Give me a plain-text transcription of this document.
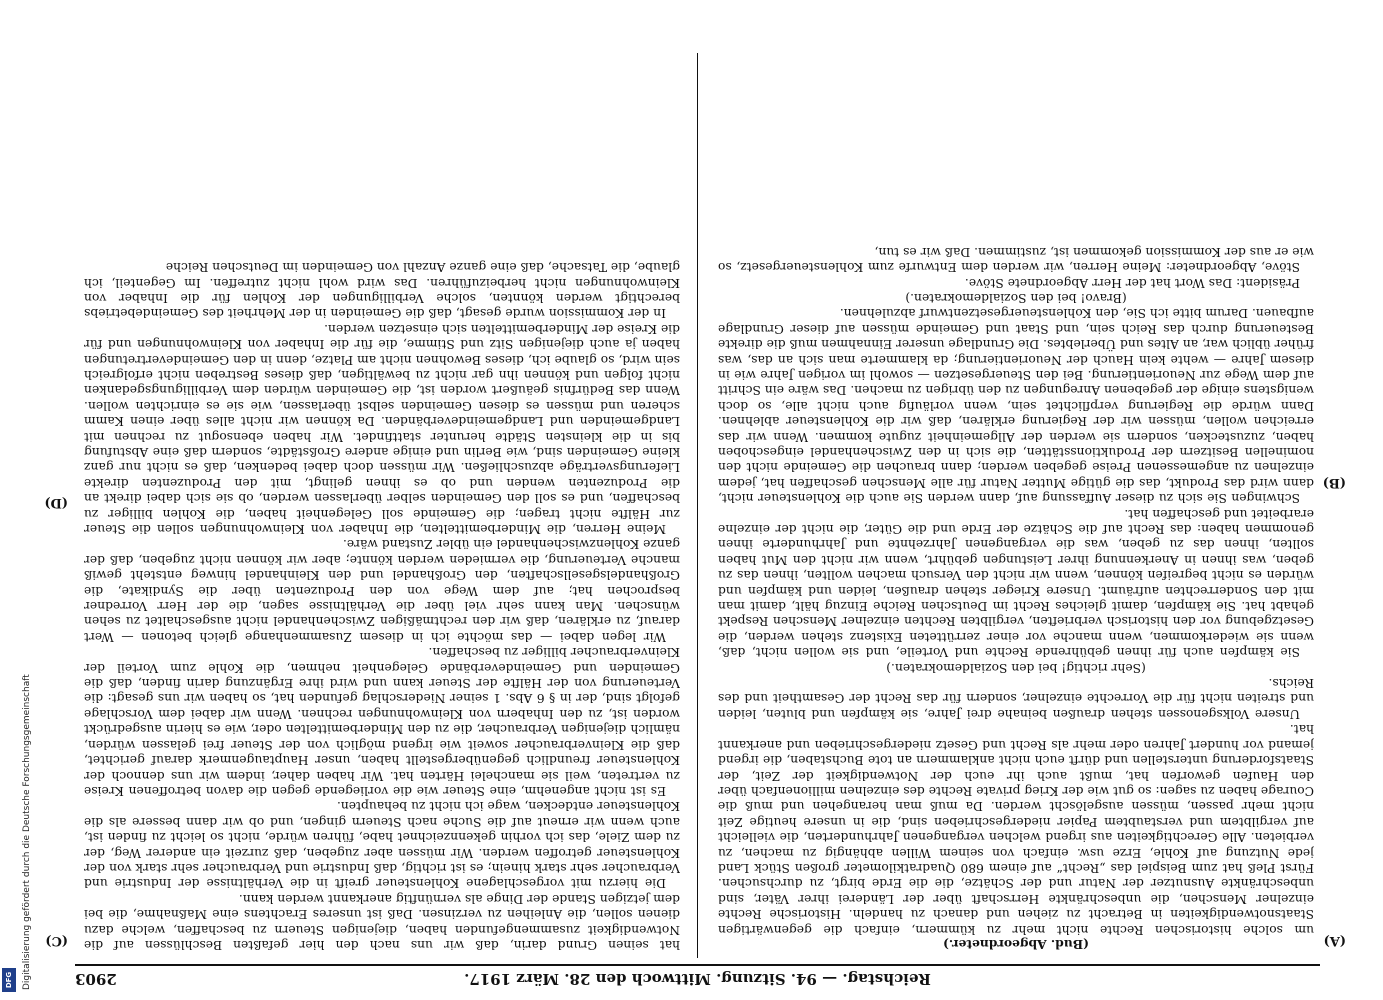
Digitalisierung gefördert durch die Deutsche Forschungsgemeinschaft
DFG	Reichstag. — 94. Sitzung. Mittwoch den 28. März 1917.
2903
(A)
(B)
(C)
(D)

(Bud. Abgeordneter.)

um solche historischen Rechte nicht mehr zu kümmern, einfach die gegenwärtigen Staatsnotwendigkeiten in Betracht zu ziehen und danach zu handeln. Historische Rechte einzelner Menschen, die unbeschränkte Herrschaft über der Länderei ihrer Väter, sind unbeschränkte Ausnutzer der Natur und der Schätze, die die Erde birgt, zu durchsuchen. Fürst Pleß hat zum Beispiel das „Recht“ auf einem 680 Quadratkilometer großen Stück Land jede Nutzung auf Kohle, Erze usw. einfach von seinem Willen abhängig zu machen, zu verbieten. Alle Gerechtigkeiten aus irgend welchen vergangenen Jahrhunderten, die vielleicht auf vergilbtem und verstaubtem Papier niedergeschrieben sind, die in unsere heutige Zeit nicht mehr passen, müssen ausgelöscht werden. Da muß man herangehen und muß die Courage haben zu sagen: so gut wie der Krieg private Rechte des einzelnen millionenfach über den Haufen geworfen hat, mußt auch ihr euch der Notwendigkeit der Zeit, der Staatsforderung unterstellen und dürft euch nicht anklammern an tote Buchstaben, die irgend jemand vor hundert Jahren oder mehr als Recht und Gesetz niedergeschrieben und anerkannt hat.

Unsere Volksgenossen stehen draußen beinahe drei Jahre, sie kämpfen und bluten, leiden und streiten nicht für die Vorrechte einzelner, sondern für das Recht der Gesamtheit und des Reichs.

(Sehr richtig! bei den Sozialdemokraten.)

Sie kämpfen auch für ihnen gebührende Rechte und Vorteile, und sie wollen nicht, daß, wenn sie wiederkommen, wenn manche vor einer zerrütteten Existenz stehen werden, die Gesetzgebung vor den historisch verbrieften, vergilbten Rechten einzelner Menschen Respekt gehabt hat. Sie kämpfen, damit gleiches Recht im Deutschen Reiche Einzug hält, damit man mit den Sonderrechten aufräumt. Unsere Krieger stehen draußen, leiden und kämpfen und würden es nicht begreifen können, wenn wir nicht den Versuch machen wollten, ihnen das zu geben, was ihnen in Anerkennung ihrer Leistungen gebührt, wenn wir nicht den Mut haben sollten, ihnen das zu geben, was die vergangenen Jahrzehnte und Jahrhunderte ihnen genommen haben: das Recht auf die Schätze der Erde und die Güter, die nicht der einzelne erarbeitet und geschaffen hat.

Schwingen Sie sich zu dieser Auffassung auf, dann werden Sie auch die Kohlensteuer nicht, dann wird das Produkt, das die gütige Mutter Natur für alle Menschen geschaffen hat, jedem einzelnen zu angemessenen Preise gegeben werden; dann brauchen die Gemeinde nicht den nominellen Besitzern der Produktionsstätten, die sich in den Zwischenhandel eingeschoben haben, zuzustecken, sondern sie werden der Allgemeinheit zugute kommen. Wenn wir das erreichen wollen, müssen wir der Regierung erklären, daß wir die Kohlensteuer ablehnen. Dann würde die Regierung verpflichtet sein, wenn vorläufig auch nicht alle, so doch wenigstens einige der gegebenen Anregungen zu den übrigen zu machen. Das wäre ein Schritt auf dem Wege zur Neuorientierung. Bei den Steuergesetzen — sowohl im vorigen Jahre wie in diesem Jahre — wehte kein Hauch der Neuorientierung; da klammerte man sich an das, was früher üblich war, an Altes und Überlebtes. Die Grundlage unserer Einnahmen muß die direkte Besteuerung durch das Reich sein, und Staat und Gemeinde müssen auf dieser Grundlage aufbauen. Darum bitte ich Sie, den Kohlensteuergesetzentwurf abzulehnen.

(Bravo! bei den Sozialdemokraten.)

Präsident: Das Wort hat der Herr Abgeordnete Stöve.

Stöve, Abgeordneter: Meine Herren, wir werden dem Entwurfe zum Kohlensteuergesetz, so wie er aus der Kommission gekommen ist, zustimmen. Daß wir es tun,

hat seinen Grund darin, daß wir uns nach den hier gefaßten Beschlüssen auf die Notwendigkeit zusammengefunden haben, diejenigen Steuern zu beschaffen, welche dazu dienen sollen, die Anleihen zu verzinsen. Daß ist unseres Erachtens eine Maßnahme, die bei dem jetzigen Stande der Dinge als vernünftig anerkannt werden kann.

Die hierzu mit vorgeschlagene Kohlensteuer greift in die Verhältnisse der Industrie und Verbraucher sehr stark hinein; es ist richtig, daß Industrie und Verbraucher sehr stark von der Kohlensteuer getroffen werden. Wir müssen aber zugeben, daß zurzeit ein anderer Weg, der zu dem Ziele, das ich vorhin gekennzeichnet habe, führen würde, nicht so leicht zu finden ist, auch wenn wir erneut auf die Suche nach Steuern gingen, und ob wir dann bessere als die Kohlensteuer entdecken, wage ich nicht zu behaupten.

Es ist nicht angenehm, eine Steuer wie die vorliegende gegen die davon betroffenen Kreise zu vertreten, weil sie manchelei Härten hat. Wir haben daher, indem wir uns dennoch der Kohlensteuer freundlich gegenübergestellt haben, unser Hauptaugenmerk darauf gerichtet, daß die Kleinverbraucher soweit wie irgend möglich von der Steuer frei gelassen würden, nämlich diejenigen Verbraucher, die zu den Minderbemittelten oder, wie es hierin ausgedrückt worden ist, zu den Inhabern von Kleinwohnungen rechnen. Wenn wir dabei dem Vorschlage gefolgt sind, der in § 6 Abs. 1 seiner Niederschlag gefunden hat, so haben wir uns gesagt: die Verteuerung von der Hälfte der Steuer kann und wird ihre Ergänzung darin finden, daß die Gemeinden und Gemeindeverbände Gelegenheit nehmen, die Kohle zum Vorteil der Kleinverbraucher billiger zu beschaffen.

Wir legen dabei — das möchte ich in diesem Zusammenhange gleich betonen — Wert darauf, zu erklären, daß wir den rechtmäßigen Zwischenhandel nicht ausgeschaltet zu sehen wünschen. Man kann sehr viel über die Verhältnisse sagen, die der Herr Vorredner besprochen hat; auf dem Wege von den Produzenten über die Syndikate, die Großhandelsgesellschaften, den Großhandel und den Kleinhandel hinweg entsteht gewiß manche Verteuerung, die vermieden werden könnte; aber wir können nicht zugeben, daß der ganze Kohlenzwischenhandel ein übler Zustand wäre.

Meine Herren, die Minderbemittelten, die Inhaber von Kleinwohnungen sollen die Steuer zur Hälfte nicht tragen; die Gemeinde soll Gelegenheit haben, die Kohlen billiger zu beschaffen, und es soll den Gemeinden selber überlassen werden, ob sie sich dabei direkt an die Produzenten wenden und ob es ihnen gelingt, mit den Produzenten direkte Lieferungsverträge abzuschließen. Wir müssen doch dabei bedenken, daß es nicht nur ganz kleine Gemeinden sind, wie Berlin und einige andere Großstädte, sondern daß eine Abstufung bis in die kleinsten Städte herunter stattfindet. Wir haben ebensogut zu rechnen mit Landgemeinden und Landgemeindeverbänden. Da können wir nicht alles über einen Kamm scheren und müssen es diesen Gemeinden selbst überlassen, wie sie es einrichten wollen. Wenn das Bedürfnis geäußert worden ist, die Gemeinden würden dem Verbilligungsgedanken nicht folgen und können ihn gar nicht zu bewältigen, daß dieses Bestreben nicht erfolgreich sein wird, so glaube ich, dieses Bewohnen nicht am Platze, denn in den Gemeindevertretungen haben ja auch diejenigen Sitz und Stimme, die für die Inhaber von Kleinwohnungen und für die Kreise der Minderbemittelten sich einsetzen werden.

In der Kommission wurde gesagt, daß die Gemeinden in der Mehrheit des Gemeindebetriebs berechtigt werden könnten, solche Verbilligungen der Kohlen für die Inhaber von Kleinwohnungen nicht herbeizuführen. Das wird wohl nicht zutreffen. Im Gegenteil, ich glaube, die Tatsache, daß eine ganze Anzahl von Gemeinden im Deutschen Reiche
